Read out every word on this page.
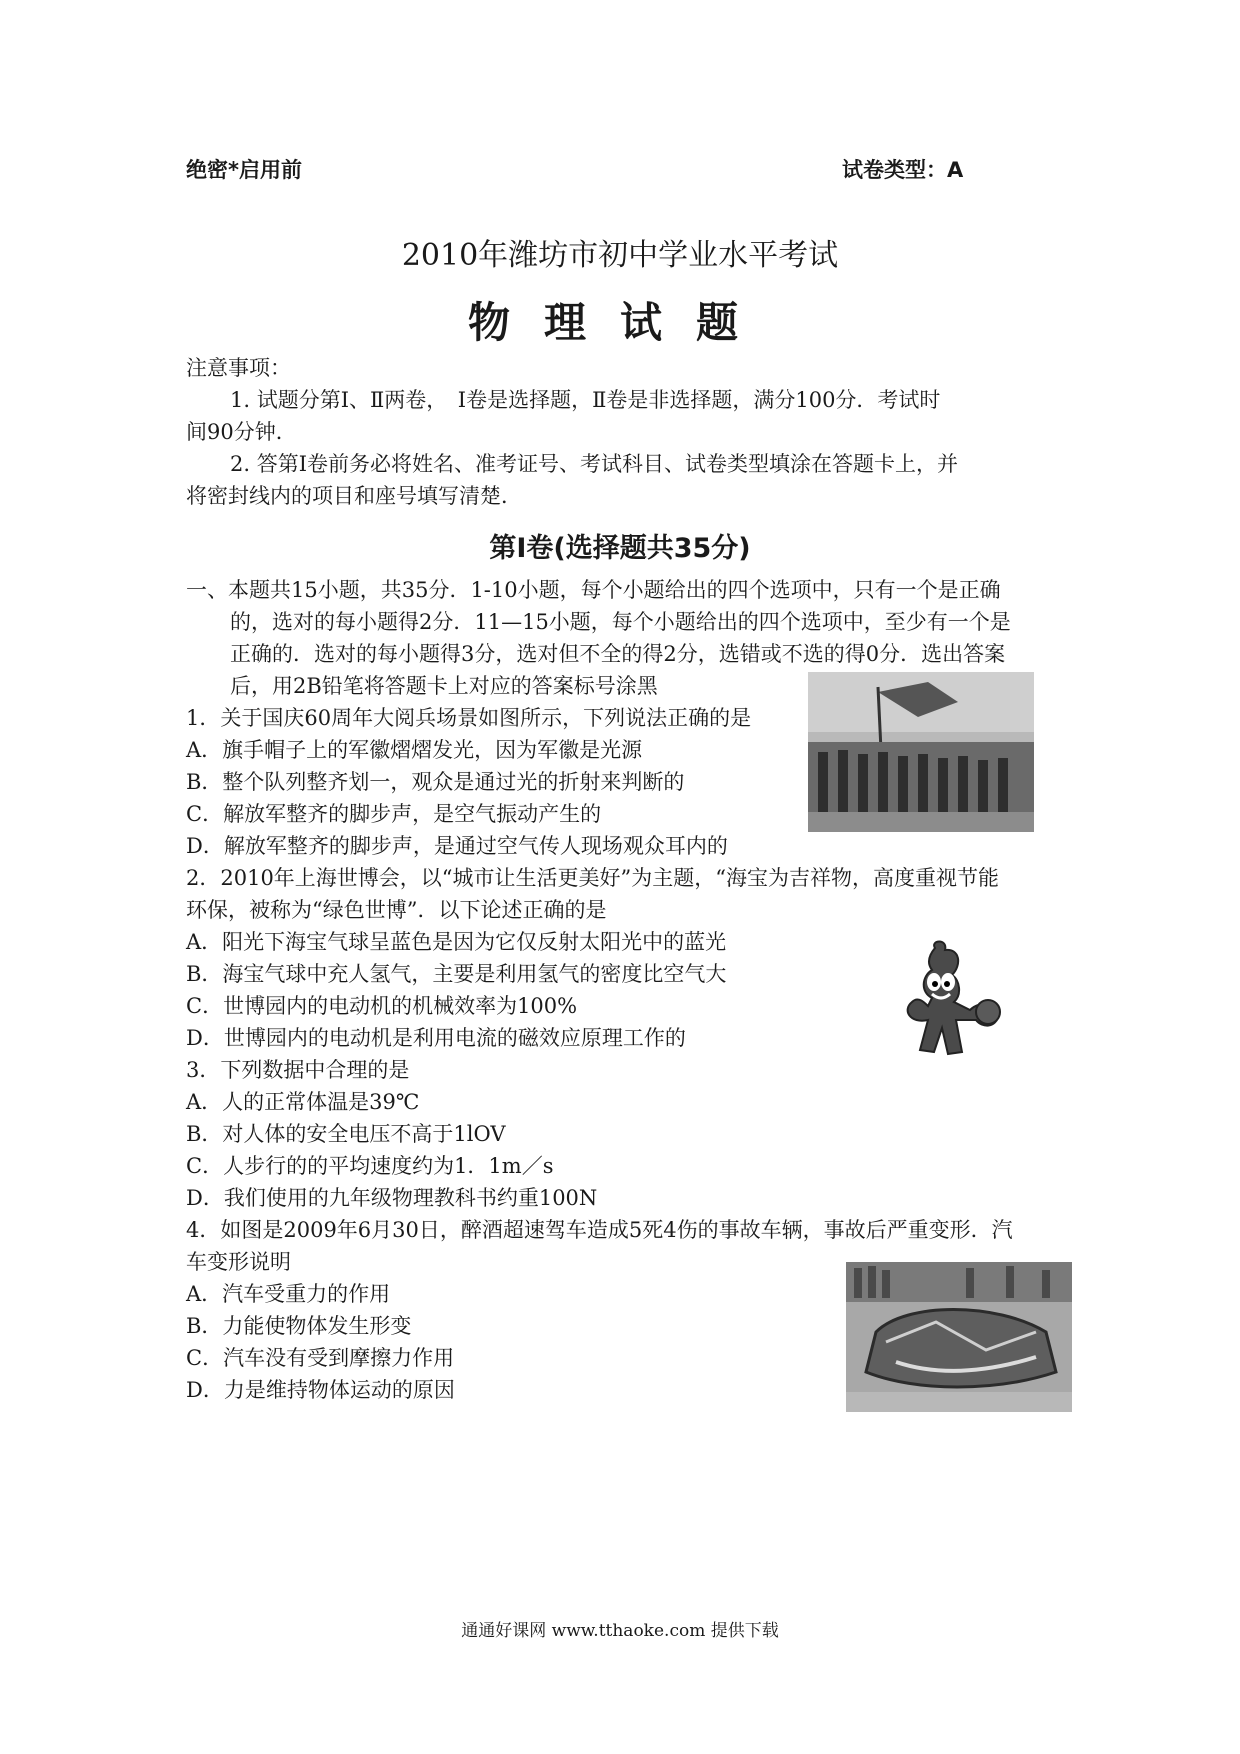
绝密*启用前	试卷类型：A
2010年潍坊市初中学业水平考试
物理试题
注意事项：
1. 试题分第Ⅰ、Ⅱ两卷，　Ⅰ卷是选择题，Ⅱ卷是非选择题，满分100分．考试时
间90分钟．
2. 答第Ⅰ卷前务必将姓名、准考证号、考试科目、试卷类型填涂在答题卡上，并
将密封线内的项目和座号填写清楚．
第Ⅰ卷(选择题共35分)
一、本题共15小题，共35分．1-10小题，每个小题给出的四个选项中，只有一个是正确
的，选对的每小题得2分．11—15小题，每个小题给出的四个选项中，至少有一个是
正确的．选对的每小题得3分，选对但不全的得2分，选错或不选的得0分．选出答案
后，用2B铅笔将答题卡上对应的答案标号涂黑
1．关于国庆60周年大阅兵场景如图所示，下列说法正确的是
A．旗手帽子上的军徽熠熠发光，因为军徽是光源
B．整个队列整齐划一，观众是通过光的折射来判断的
C．解放军整齐的脚步声，是空气振动产生的
D．解放军整齐的脚步声，是通过空气传人现场观众耳内的
2．2010年上海世博会，以“城市让生活更美好”为主题，“海宝为吉祥物，高度重视节能
环保，被称为“绿色世博”．以下论述正确的是
A．阳光下海宝气球呈蓝色是因为它仅反射太阳光中的蓝光
B．海宝气球中充人氢气，主要是利用氢气的密度比空气大
C．世博园内的电动机的机械效率为100%
D．世博园内的电动机是利用电流的磁效应原理工作的
3．下列数据中合理的是
A．人的正常体温是39℃
B．对人体的安全电压不高于1lOV
C．人步行的的平均速度约为1．1m／s
D．我们使用的九年级物理教科书约重100N
4．如图是2009年6月30日，醉酒超速驾车造成5死4伤的事故车辆，事故后严重变形．汽
车变形说明
A．汽车受重力的作用
B．力能使物体发生形变
C．汽车没有受到摩擦力作用
D．力是维持物体运动的原因
通通好课网 www.tthaoke.com 提供下载
